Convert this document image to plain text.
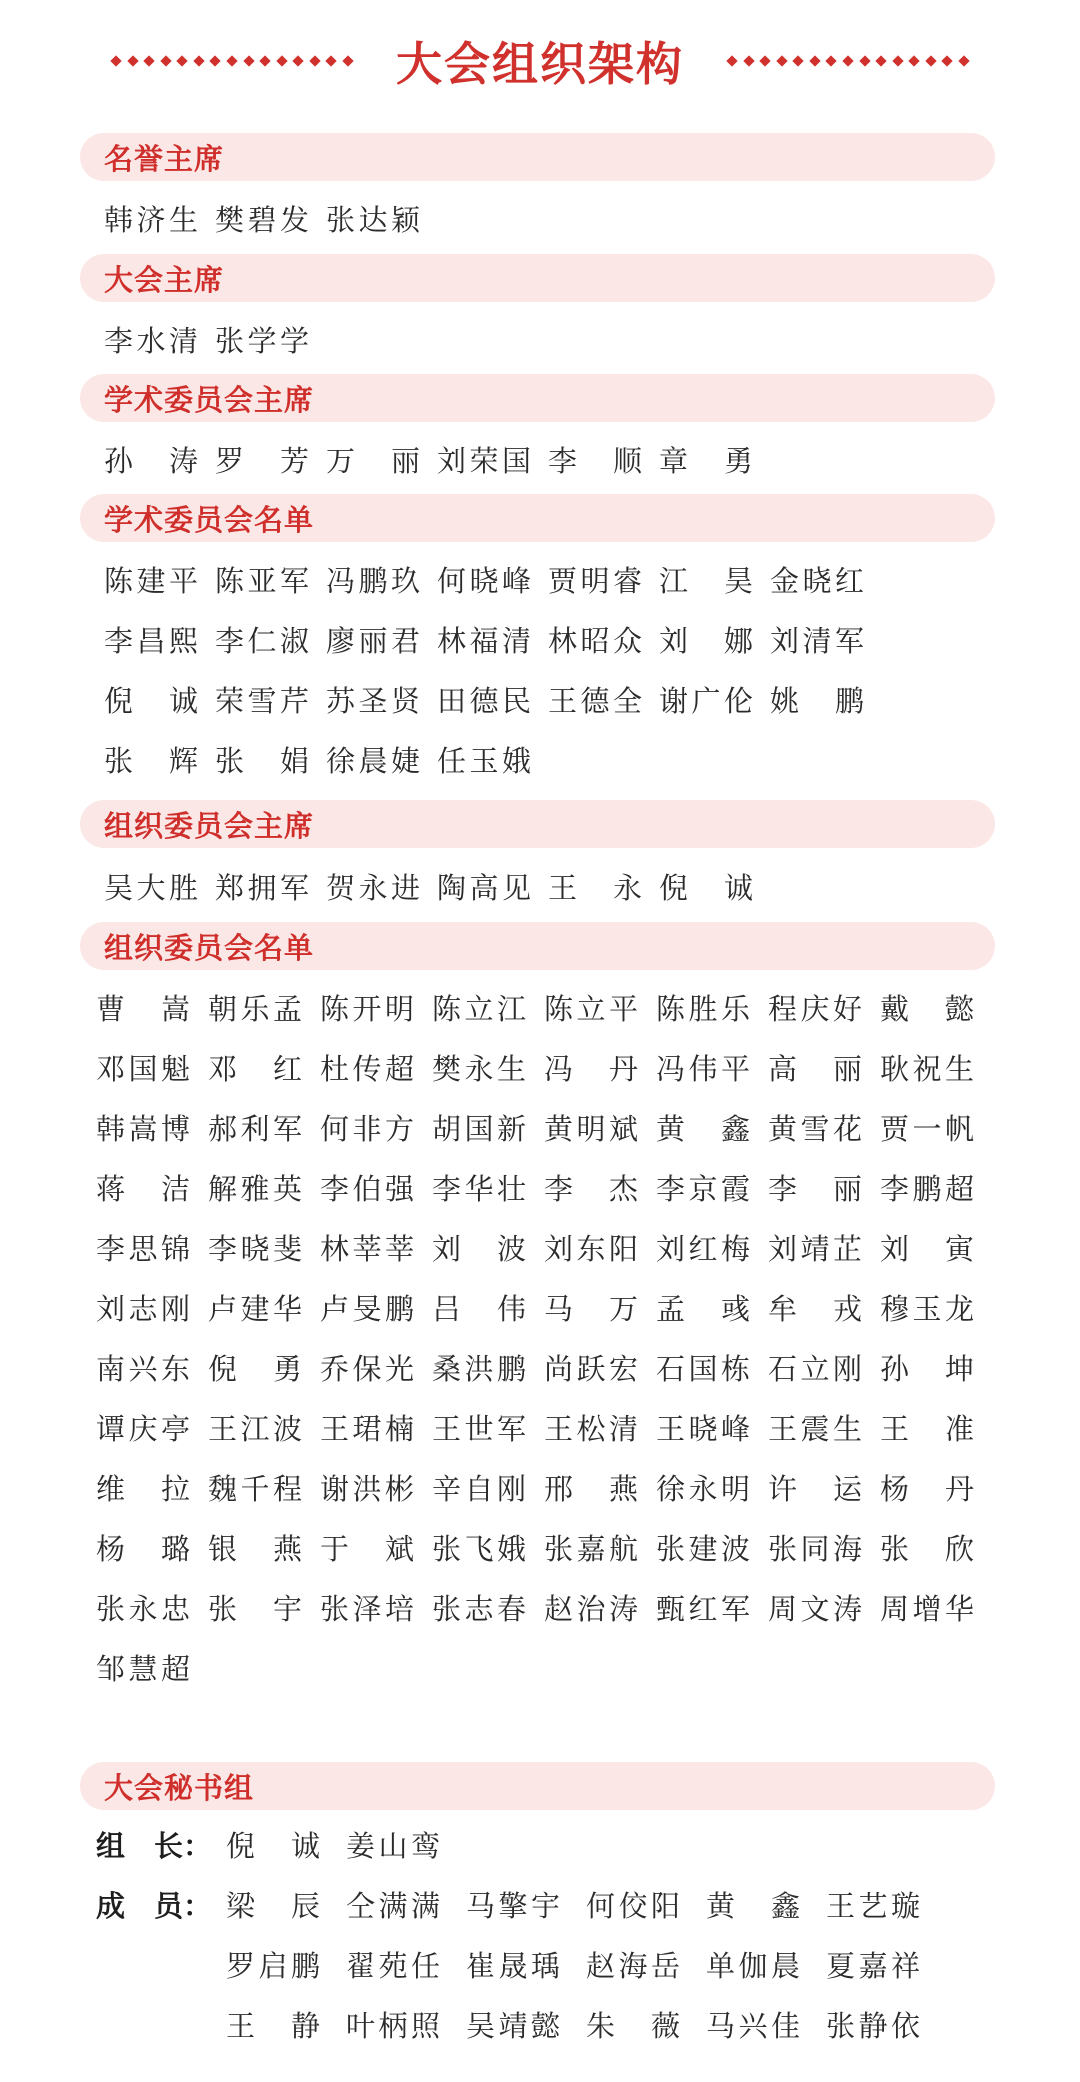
大会组织架构
名誉主席
韩济生 樊碧发 张达颖
大会主席
李水清 张学学
学术委员会主席
孙　涛 罗　芳 万　丽 刘荣国 李　顺 章　勇
学术委员会名单
陈建平 陈亚军 冯鹏玖 何晓峰 贾明睿 江　昊 金晓红
李昌熙 李仁淑 廖丽君 林福清 林昭众 刘　娜 刘清军
倪　诚 荣雪芹 苏圣贤 田德民 王德全 谢广伦 姚　鹏
张　辉 张　娟 徐晨婕 任玉娥
组织委员会主席
吴大胜 郑拥军 贺永进 陶高见 王　永 倪　诚
组织委员会名单
曹　嵩 朝乐孟 陈开明 陈立江 陈立平 陈胜乐 程庆好 戴　懿
邓国魁 邓　红 杜传超 樊永生 冯　丹 冯伟平 高　丽 耿祝生
韩嵩博 郝利军 何非方 胡国新 黄明斌 黄　鑫 黄雪花 贾一帆
蒋　洁 解雅英 李伯强 李华壮 李　杰 李京霞 李　丽 李鹏超
李思锦 李晓斐 林莘莘 刘　波 刘东阳 刘红梅 刘靖芷 刘　寅
刘志刚 卢建华 卢旻鹏 吕　伟 马　万 孟　彧 牟　戎 穆玉龙
南兴东 倪　勇 乔保光 桑洪鹏 尚跃宏 石国栋 石立刚 孙　坤
谭庆亭 王江波 王珺楠 王世军 王松清 王晓峰 王震生 王　准
维　拉 魏千程 谢洪彬 辛自刚 邢　燕 徐永明 许　运 杨　丹
杨　璐 银　燕 于　斌 张飞娥 张嘉航 张建波 张同海 张　欣
张永忠 张　宇 张泽培 张志春 赵治涛 甄红军 周文涛 周增华
邹慧超
大会秘书组
组　长： 倪　诚 姜山鸾
成　员： 梁　辰 仝满满 马擎宇 何佼阳 黄　鑫 王艺璇
罗启鹏 翟苑任 崔晟瑀 赵海岳 单伽晨 夏嘉祥
王　静 叶柄照 吴靖懿 朱　薇 马兴佳 张静依
